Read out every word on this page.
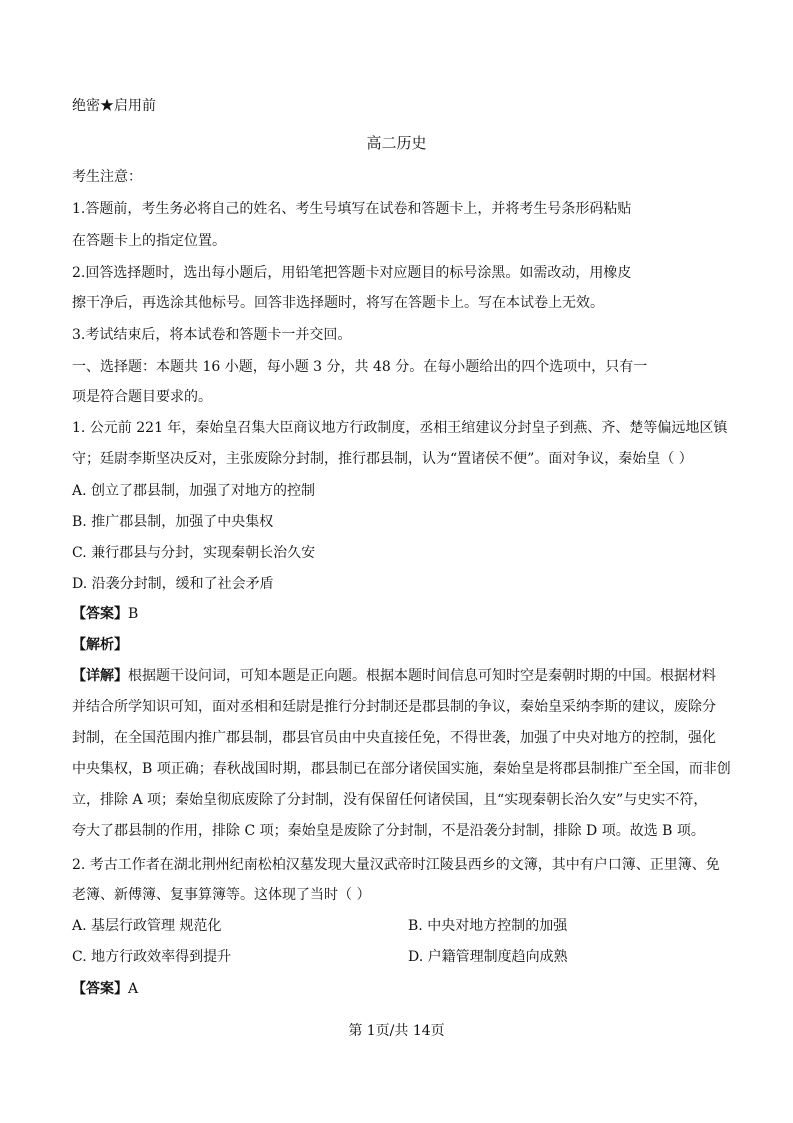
绝密★启用前
高二历史
考生注意：
1.答题前，考生务必将自己的姓名、考生号填写在试卷和答题卡上，并将考生号条形码粘贴
在答题卡上的指定位置。
2.回答选择题时，选出每小题后，用铅笔把答题卡对应题目的标号涂黑。如需改动，用橡皮
擦干净后，再选涂其他标号。回答非选择题时，将写在答题卡上。写在本试卷上无效。
3.考试结束后，将本试卷和答题卡一并交回。
一、选择题：本题共 16 小题，每小题 3 分，共 48 分。在每小题给出的四个选项中，只有一
项是符合题目要求的。
1. 公元前 221 年，秦始皇召集大臣商议地方行政制度，丞相王绾建议分封皇子到燕、齐、楚等偏远地区镇
守；廷尉李斯坚决反对，主张废除分封制，推行郡县制，认为“置诸侯不便”。面对争议，秦始皇（ ）
A. 创立了郡县制，加强了对地方的控制
B. 推广郡县制，加强了中央集权
C. 兼行郡县与分封，实现秦朝长治久安
D. 沿袭分封制，缓和了社会矛盾
【答案】B
【解析】
【详解】根据题干设问词，可知本题是正向题。根据本题时间信息可知时空是秦朝时期的中国。根据材料
并结合所学知识可知，面对丞相和廷尉是推行分封制还是郡县制的争议，秦始皇采纳李斯的建议，废除分
封制，在全国范围内推广郡县制，郡县官员由中央直接任免，不得世袭，加强了中央对地方的控制，强化
中央集权，B 项正确；春秋战国时期，郡县制已在部分诸侯国实施，秦始皇是将郡县制推广至全国，而非创
立，排除 A 项；秦始皇彻底废除了分封制，没有保留任何诸侯国，且“实现秦朝长治久安”与史实不符，
夸大了郡县制的作用，排除 C 项；秦始皇是废除了分封制，不是沿袭分封制，排除 D 项。故选 B 项。
2. 考古工作者在湖北荆州纪南松柏汉墓发现大量汉武帝时江陵县西乡的文簿，其中有户口簿、正里簿、免
老簿、新傅簿、复事算簿等。这体现了当时（ ）
A. 基层行政管理 规范化	B. 中央对地方控制的加强
C. 地方行政效率得到提升	D. 户籍管理制度趋向成熟
【答案】A
第 1页/共 14页
